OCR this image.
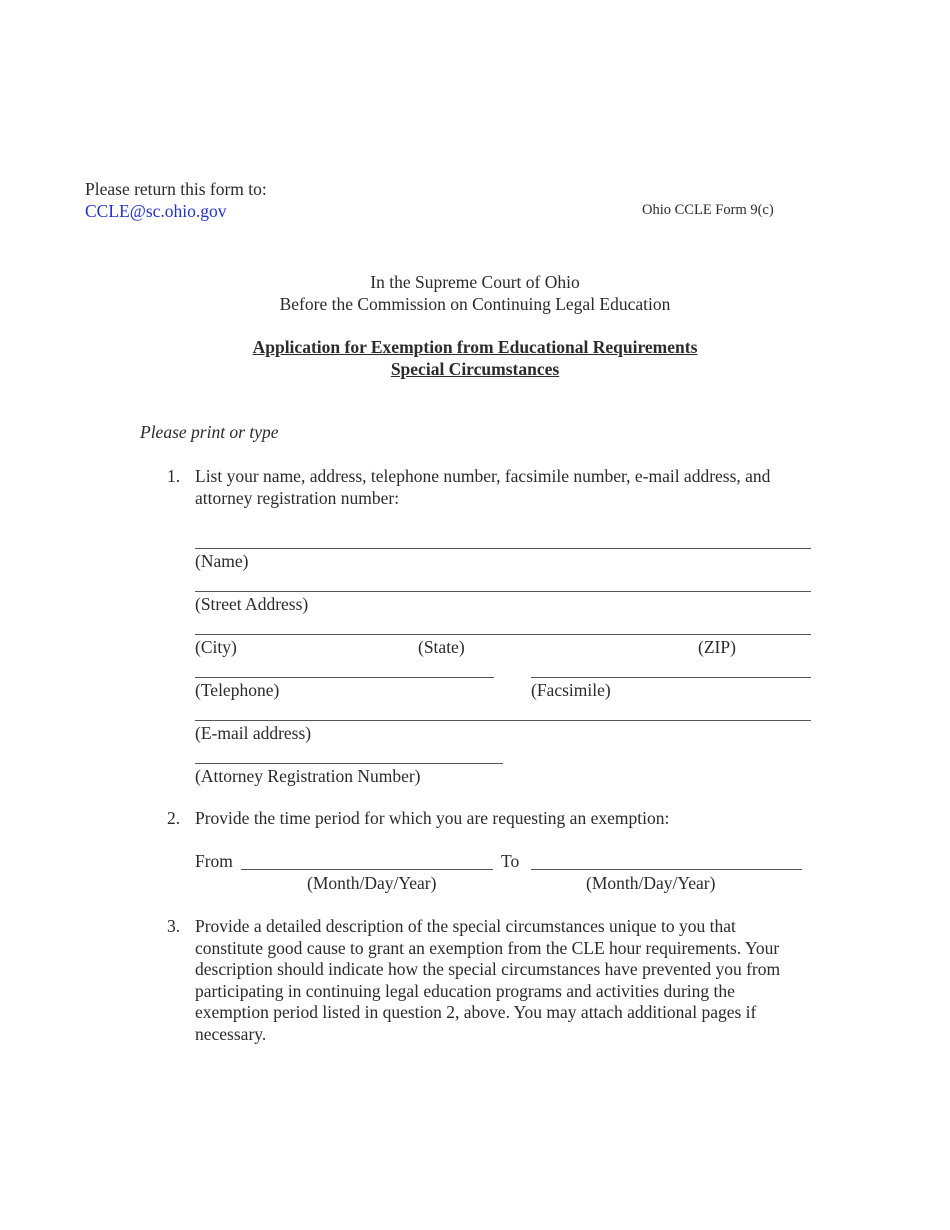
Please return this form to:
CCLE@sc.ohio.gov	Ohio CCLE Form 9(c)
In the Supreme Court of Ohio
Before the Commission on Continuing Legal Education
Application for Exemption from Educational Requirements
Special Circumstances
Please print or type
1. List your name, address, telephone number, facsimile number, e-mail address, and attorney registration number:
(Name)
(Street Address)
(City)	(State)	(ZIP)
(Telephone)	(Facsimile)
(E-mail address)
(Attorney Registration Number)
2. Provide the time period for which you are requesting an exemption:
From	To
(Month/Day/Year)	(Month/Day/Year)
3. Provide a detailed description of the special circumstances unique to you that constitute good cause to grant an exemption from the CLE hour requirements. Your description should indicate how the special circumstances have prevented you from participating in continuing legal education programs and activities during the exemption period listed in question 2, above. You may attach additional pages if necessary.
